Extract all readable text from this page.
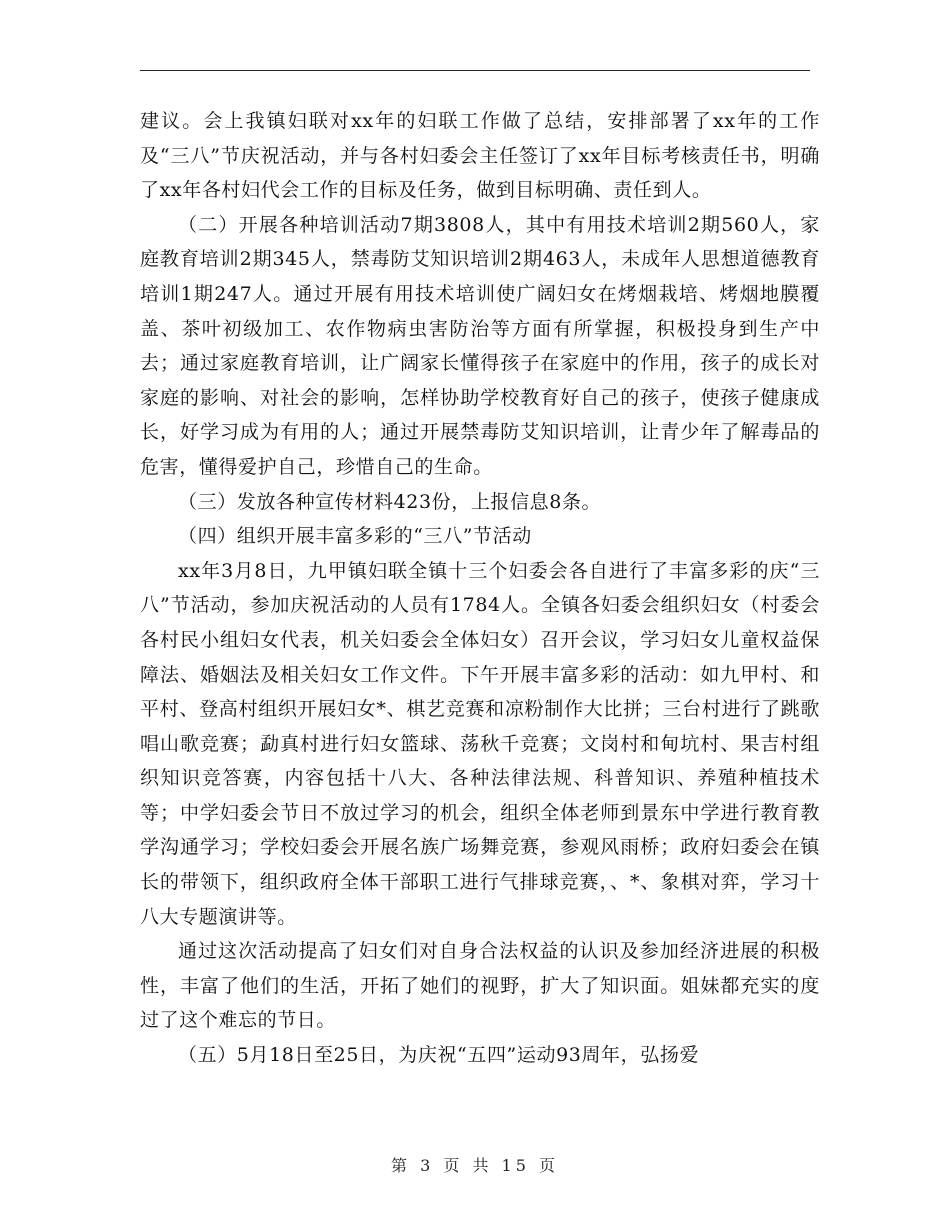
建议。会上我镇妇联对xx年的妇联工作做了总结，安排部署了xx年的工作及“三八”节庆祝活动，并与各村妇委会主任签订了xx年目标考核责任书，明确了xx年各村妇代会工作的目标及任务，做到目标明确、责任到人。

（二）开展各种培训活动7期3808人，其中有用技术培训2期560人，家庭教育培训2期345人，禁毒防艾知识培训2期463人，未成年人思想道德教育培训1期247人。通过开展有用技术培训使广阔妇女在烤烟栽培、烤烟地膜覆盖、茶叶初级加工、农作物病虫害防治等方面有所掌握，积极投身到生产中去；通过家庭教育培训，让广阔家长懂得孩子在家庭中的作用，孩子的成长对家庭的影响、对社会的影响，怎样协助学校教育好自己的孩子，使孩子健康成长，好学习成为有用的人；通过开展禁毒防艾知识培训，让青少年了解毒品的危害，懂得爱护自己，珍惜自己的生命。

（三）发放各种宣传材料423份，上报信息8条。

（四）组织开展丰富多彩的“三八”节活动

xx年3月8日，九甲镇妇联全镇十三个妇委会各自进行了丰富多彩的庆“三八”节活动，参加庆祝活动的人员有1784人。全镇各妇委会组织妇女（村委会各村民小组妇女代表，机关妇委会全体妇女）召开会议，学习妇女儿童权益保障法、婚姻法及相关妇女工作文件。下午开展丰富多彩的活动：如九甲村、和平村、登高村组织开展妇女*、棋艺竞赛和凉粉制作大比拼；三台村进行了跳歌唱山歌竞赛；勐真村进行妇女篮球、荡秋千竞赛；文岗村和甸坑村、果吉村组织知识竞答赛，内容包括十八大、各种法律法规、科普知识、养殖种植技术等；中学妇委会节日不放过学习的机会，组织全体老师到景东中学进行教育教学沟通学习；学校妇委会开展名族广场舞竞赛，参观风雨桥；政府妇委会在镇长的带领下，组织政府全体干部职工进行气排球竞赛，、*、象棋对弈，学习十八大专题演讲等。

通过这次活动提高了妇女们对自身合法权益的认识及参加经济进展的积极性，丰富了他们的生活，开拓了她们的视野，扩大了知识面。姐妹都充实的度过了这个难忘的节日。

（五）5月18日至25日，为庆祝“五四”运动93周年，弘扬爱

第 3 页 共 15 页
